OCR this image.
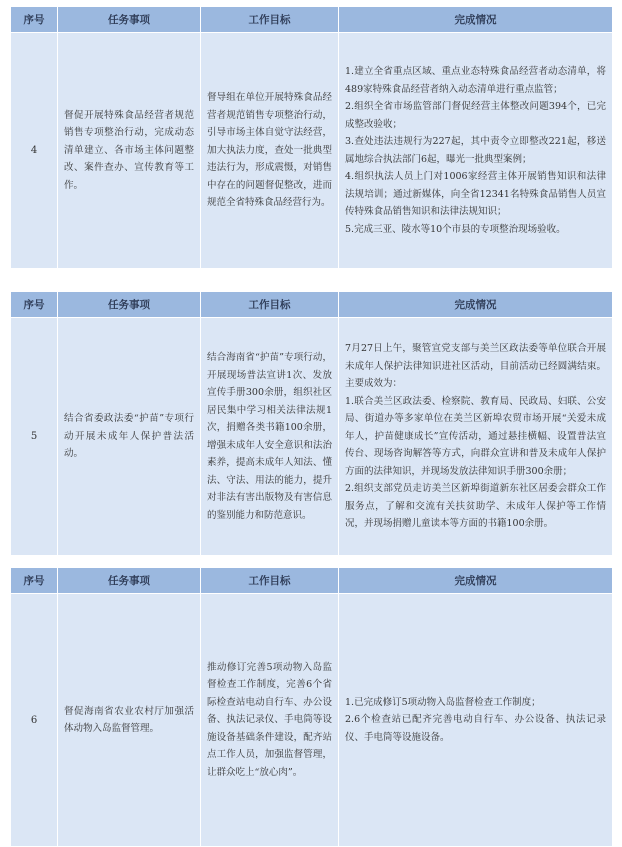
序号	任务事项	工作目标	完成情况
4	督促开展特殊食品经营者规范销售专项整治行动，完成动态清单建立、各市场主体问题整改、案件查办、宣传教育等工作。	督导组在单位开展特殊食品经营者规范销售专项整治行动，引导市场主体自觉守法经营，加大执法力度，查处一批典型违法行为，形成震慑，对销售中存在的问题督促整改，进而规范全省特殊食品经营行为。	1.建立全省重点区域、重点业态特殊食品经营者动态清单，将489家特殊食品经营者纳入动态清单进行重点监管；

2.组织全省市场监管部门督促经营主体整改问题394个，已完成整改验收；

3.查处违法违规行为227起，其中责令立即整改221起，移送属地综合执法部门6起，曝光一批典型案例；

4.组织执法人员上门对1006家经营主体开展销售知识和法律法规培训；通过新媒体，向全省12341名特殊食品销售人员宣传特殊食品销售知识和法律法规知识；

5.完成三亚、陵水等10个市县的专项整治现场验收。

序号	任务事项	工作目标	完成情况
5	结合省委政法委“护苗”专项行动开展未成年人保护普法活动。	结合海南省“护苗”专项行动，开展现场普法宣讲1次、发放宣传手册300余册，组织社区居民集中学习相关法律法规1次，捐赠各类书籍100余册，增强未成年人安全意识和法治素养，提高未成年人知法、懂法、守法、用法的能力，提升对非法有害出版物及有害信息的鉴别能力和防范意识。	7月27日上午，聚管宣党支部与美兰区政法委等单位联合开展未成年人保护法律知识进社区活动，目前活动已经圆满结束。主要成效为：

1.联合美兰区政法委、检察院、教育局、民政局、妇联、公安局、街道办等多家单位在美兰区新埠农贸市场开展“关爱未成年人，护苗健康成长”宣传活动，通过悬挂横幅、设置普法宣传台、现场咨询解答等方式，向群众宣讲和普及未成年人保护方面的法律知识，并现场发放法律知识手册300余册；

2.组织支部党员走访美兰区新埠街道新东社区居委会群众工作服务点，了解和交流有关扶贫助学、未成年人保护等工作情况，并现场捐赠儿童读本等方面的书籍100余册。

序号	任务事项	工作目标	完成情况
6	督促海南省农业农村厅加强活体动物入岛监督管理。	推动修订完善5项动物入岛监督检查工作制度，完善6个省际检查站电动自行车、办公设备、执法记录仪、手电筒等设施设备基础条件建设，配齐站点工作人员，加强监督管理，让群众吃上“放心肉”。	1.已完成修订5项动物入岛监督检查工作制度；

2.6个检查站已配齐完善电动自行车、办公设备、执法记录仪、手电筒等设施设备。
